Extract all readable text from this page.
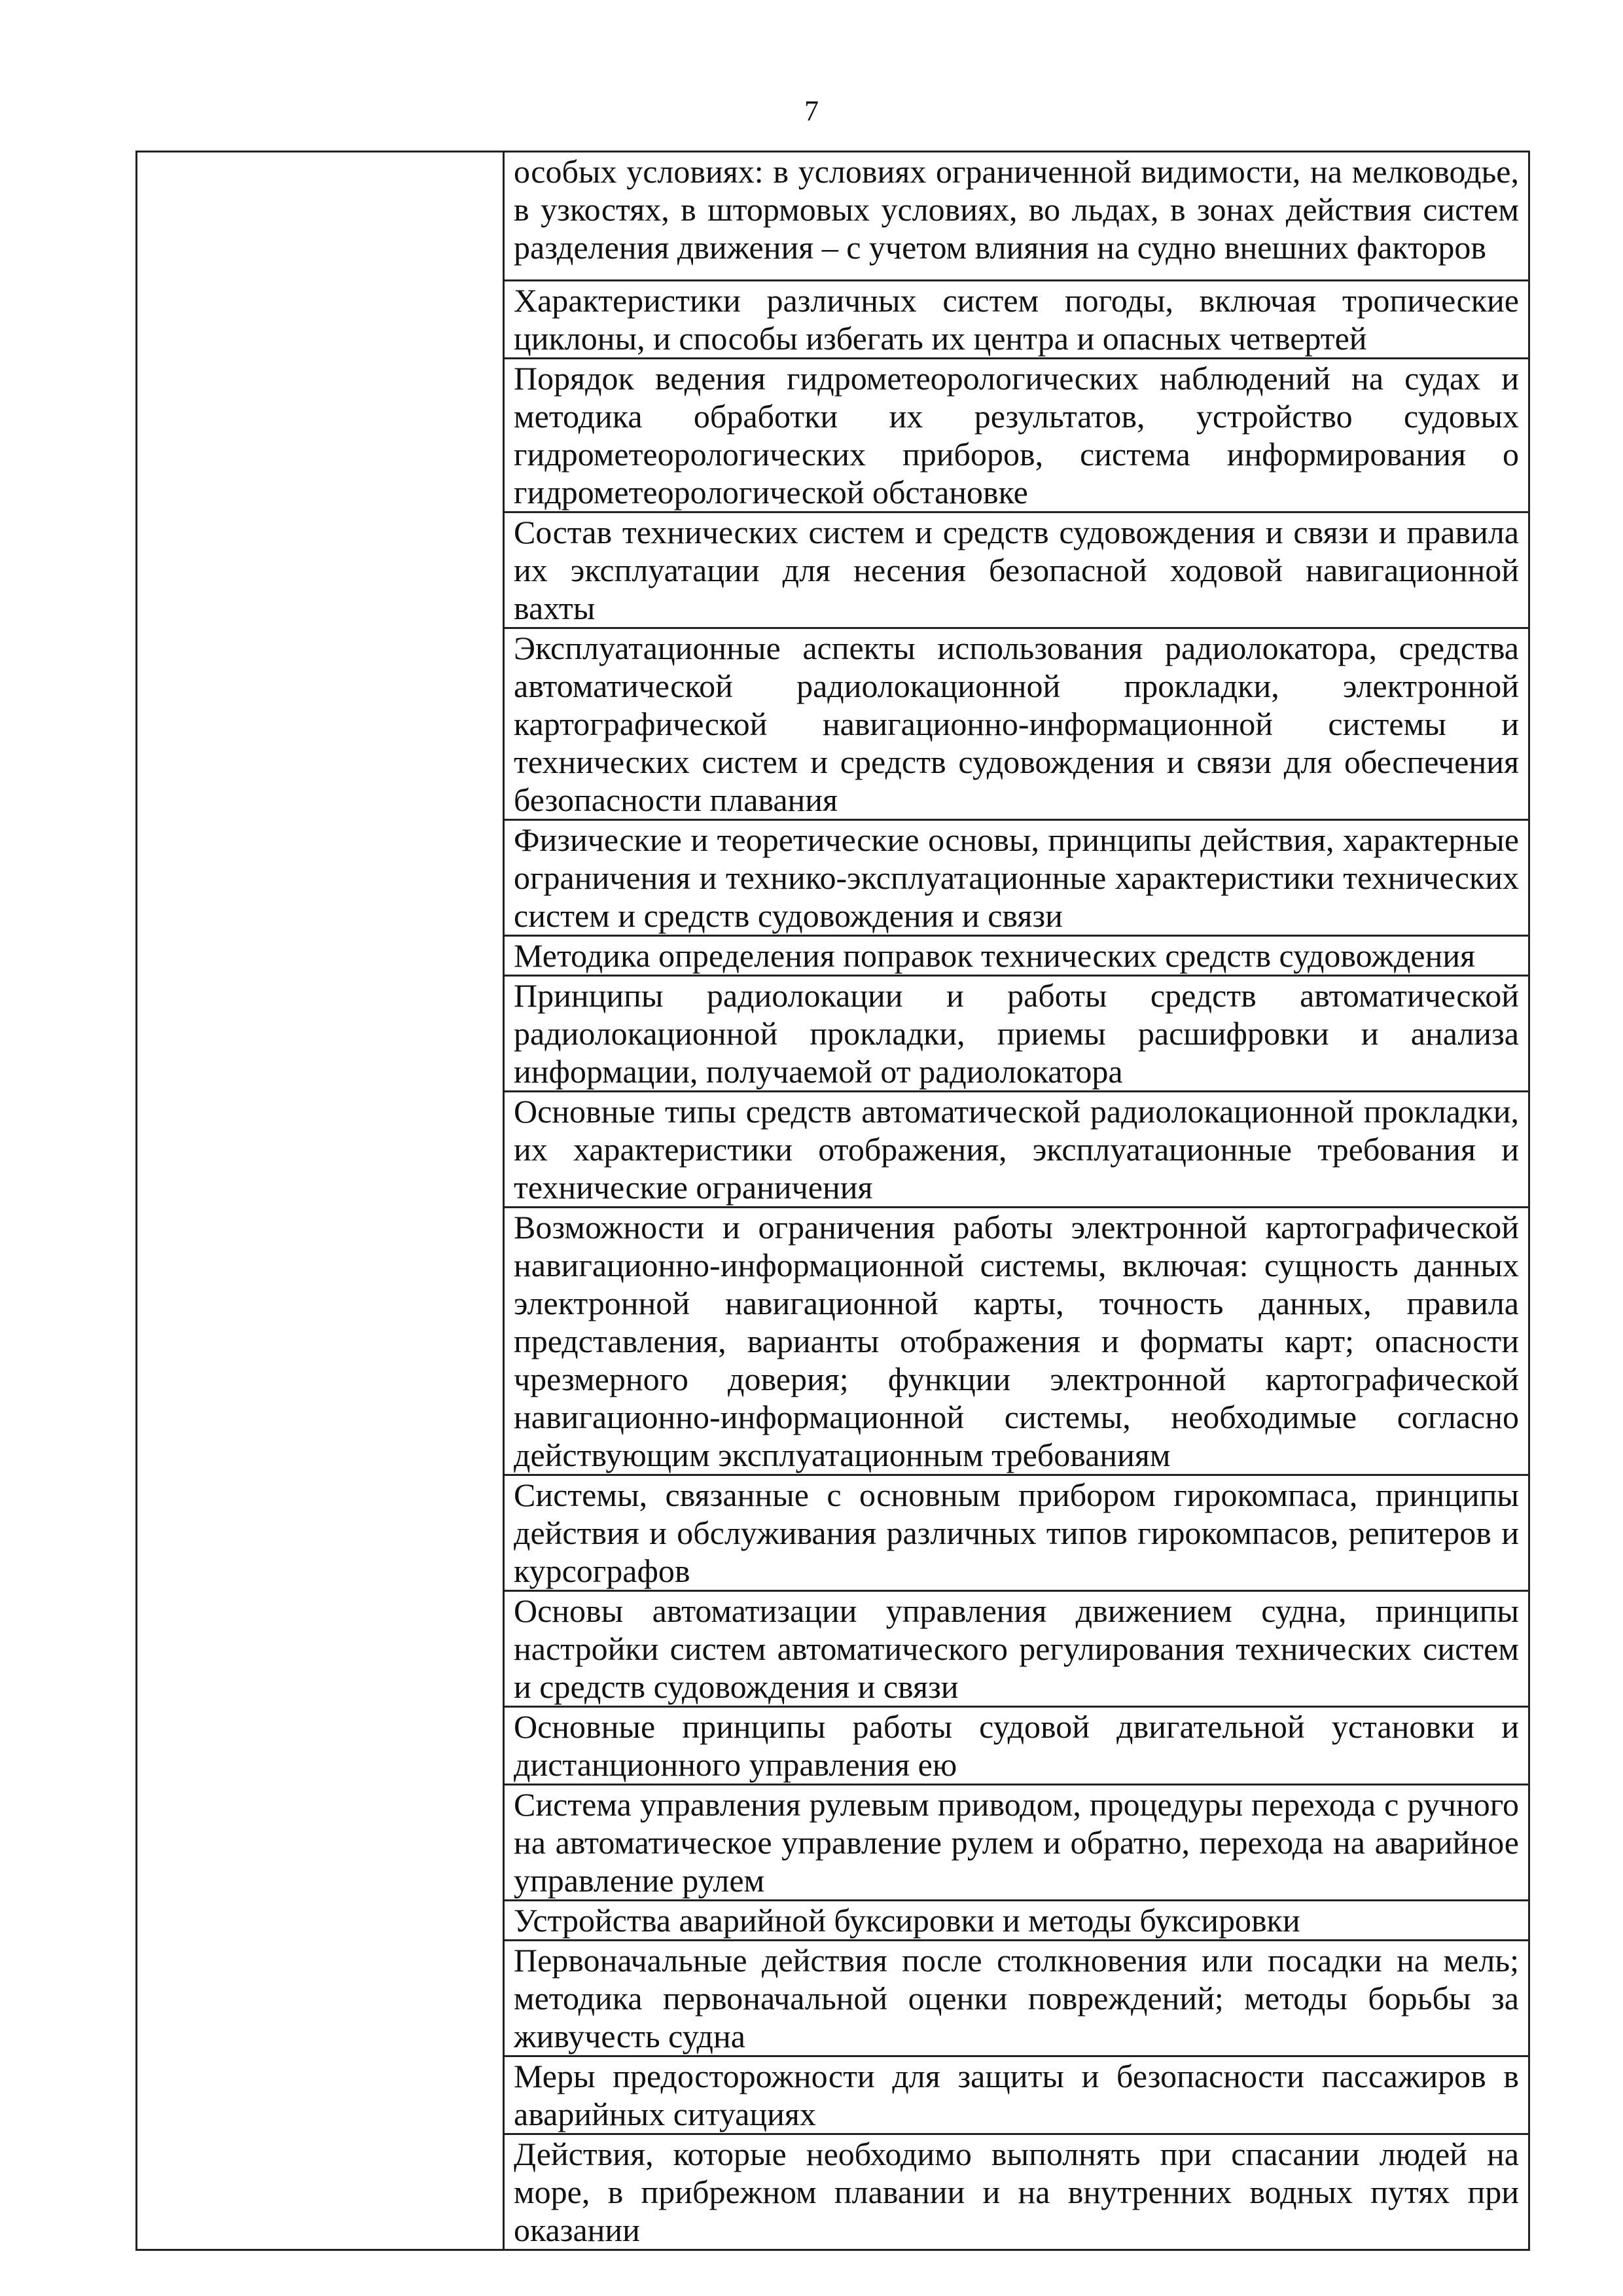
7
	особых условиях: в условиях ограниченной видимости, на мелководье, в узкостях, в штормовых условиях, во льдах, в зонах действия систем разделения движения – с учетом влияния на судно внешних факторов
Характеристики различных систем погоды, включая тропические циклоны, и способы избегать их центра и опасных четвертей
Порядок ведения гидрометеорологических наблюдений на судах и методика обработки их результатов, устройство судовых гидрометеорологических приборов, система информирования о гидрометеорологической обстановке
Состав технических систем и средств судовождения и связи и правила их эксплуатации для несения безопасной ходовой навигационной вахты
Эксплуатационные аспекты использования радиолокатора, средства автоматической радиолокационной прокладки, электронной картографической навигационно-информационной системы и технических систем и средств судовождения и связи для обеспечения безопасности плавания
Физические и теоретические основы, принципы действия, характерные ограничения и технико-эксплуатационные характеристики технических систем и средств судовождения и связи
Методика определения поправок технических средств судовождения
Принципы радиолокации и работы средств автоматической радиолокационной прокладки, приемы расшифровки и анализа информации, получаемой от радиолокатора
Основные типы средств автоматической радиолокационной прокладки, их характеристики отображения, эксплуатационные требования и технические ограничения
Возможности и ограничения работы электронной картографической навигационно-информационной системы, включая: сущность данных электронной навигационной карты, точность данных, правила представления, варианты отображения и форматы карт; опасности чрезмерного доверия; функции электронной картографической навигационно-информационной системы, необходимые согласно действующим эксплуатационным требованиям
Системы, связанные с основным прибором гирокомпаса, принципы действия и обслуживания различных типов гирокомпасов, репитеров и курсографов
Основы автоматизации управления движением судна, принципы настройки систем автоматического регулирования технических систем и средств судовождения и связи
Основные принципы работы судовой двигательной установки и дистанционного управления ею
Система управления рулевым приводом, процедуры перехода с ручного на автоматическое управление рулем и обратно, перехода на аварийное управление рулем
Устройства аварийной буксировки и методы буксировки
Первоначальные действия после столкновения или посадки на мель; методика первоначальной оценки повреждений; методы борьбы за живучесть судна
Меры предосторожности для защиты и безопасности пассажиров в аварийных ситуациях
Действия, которые необходимо выполнять при спасании людей на море, в прибрежном плавании и на внутренних водных путях при оказании
